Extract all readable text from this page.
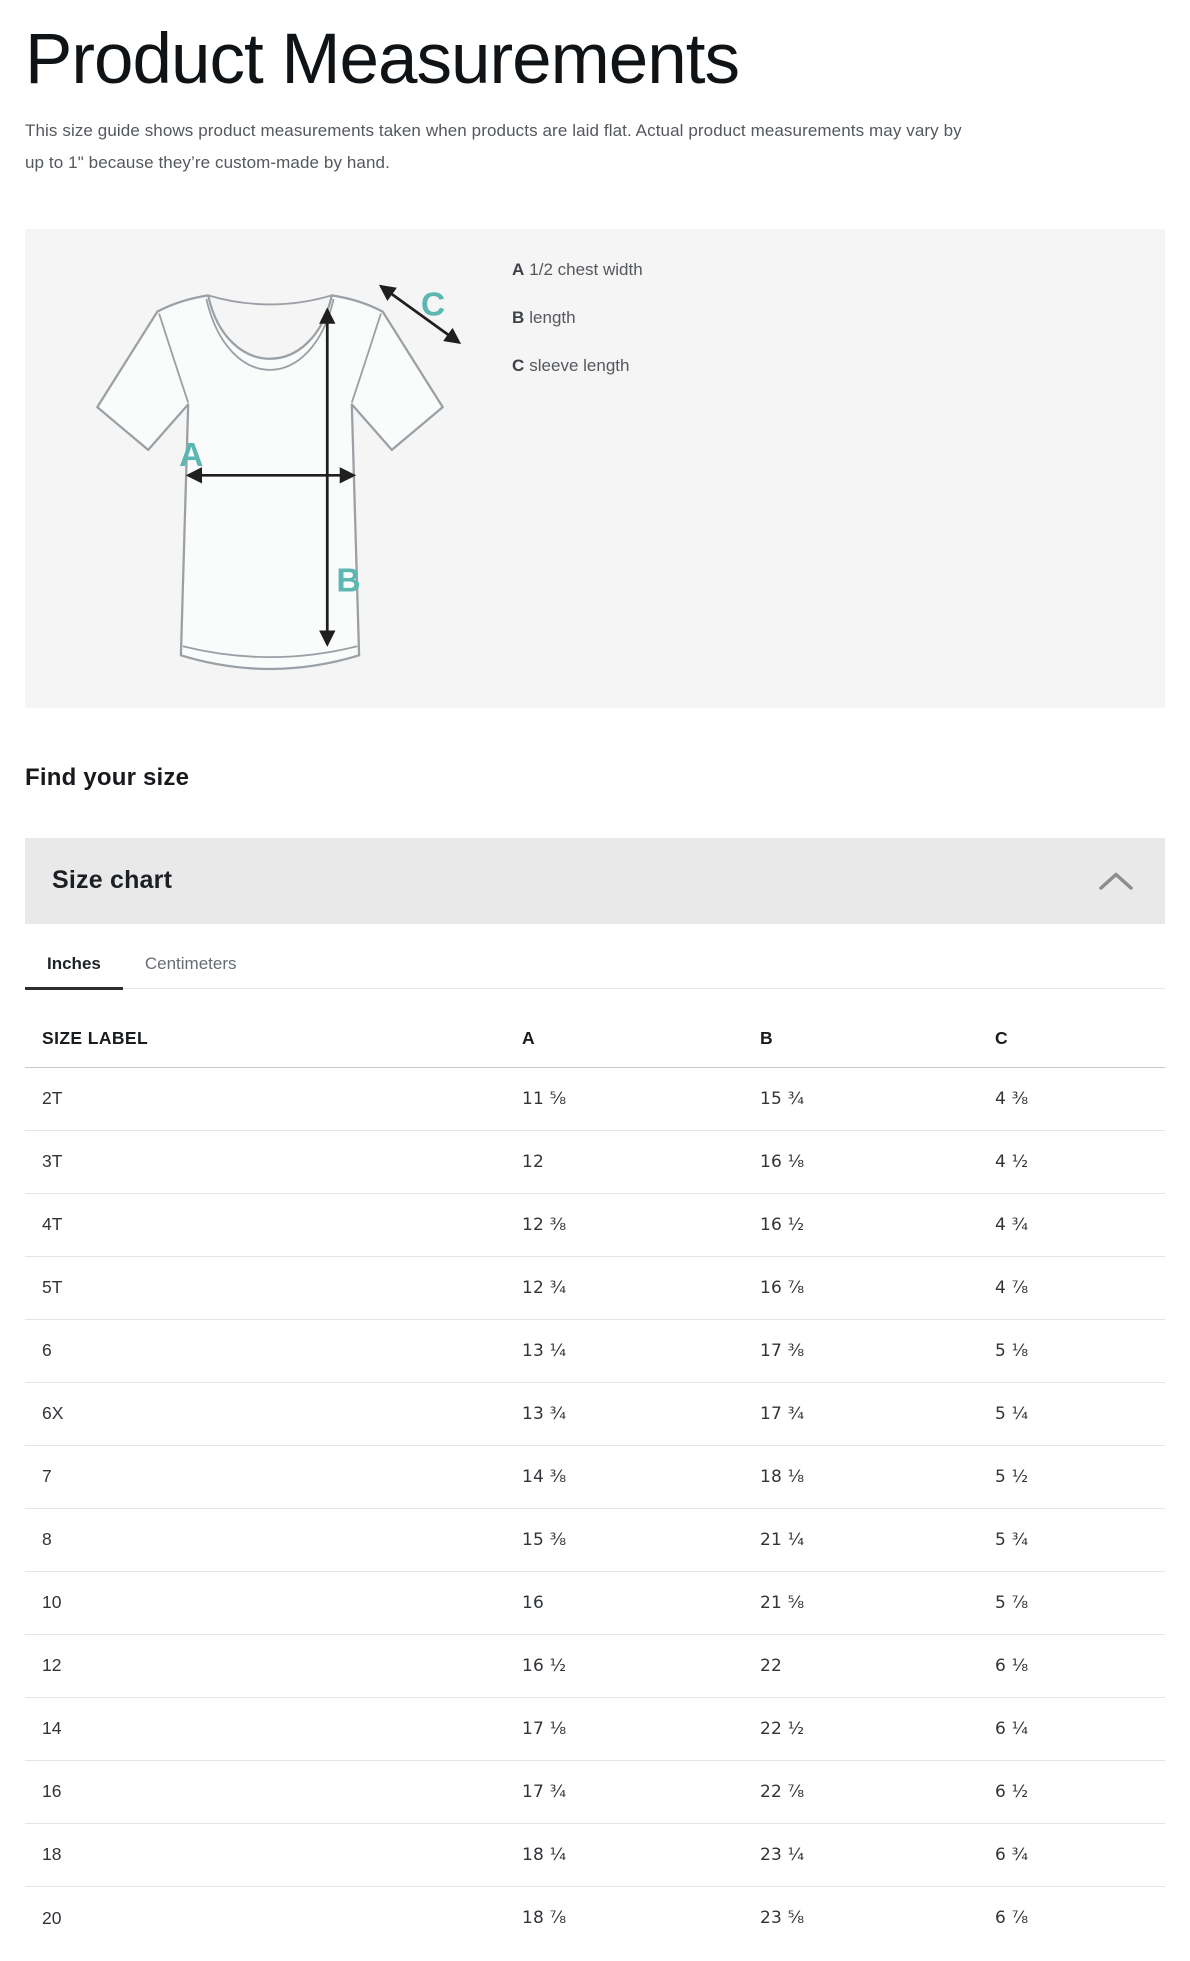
Product Measurements

This size guide shows product measurements taken when products are laid flat. Actual product measurements may vary by
up to 1" because they’re custom-made by hand.

A
B
C
A 1/2 chest width
B length
C sleeve length
Find your size
Size chart
Inches	Centimeters
SIZE LABEL	A	B	C
2T	11 ⅝	15 ¾	4 ⅜
3T	12	16 ⅛	4 ½
4T	12 ⅜	16 ½	4 ¾
5T	12 ¾	16 ⅞	4 ⅞
6	13 ¼	17 ⅜	5 ⅛
6X	13 ¾	17 ¾	5 ¼
7	14 ⅜	18 ⅛	5 ½
8	15 ⅜	21 ¼	5 ¾
10	16	21 ⅝	5 ⅞
12	16 ½	22	6 ⅛
14	17 ⅛	22 ½	6 ¼
16	17 ¾	22 ⅞	6 ½
18	18 ¼	23 ¼	6 ¾
20	18 ⅞	23 ⅝	6 ⅞
